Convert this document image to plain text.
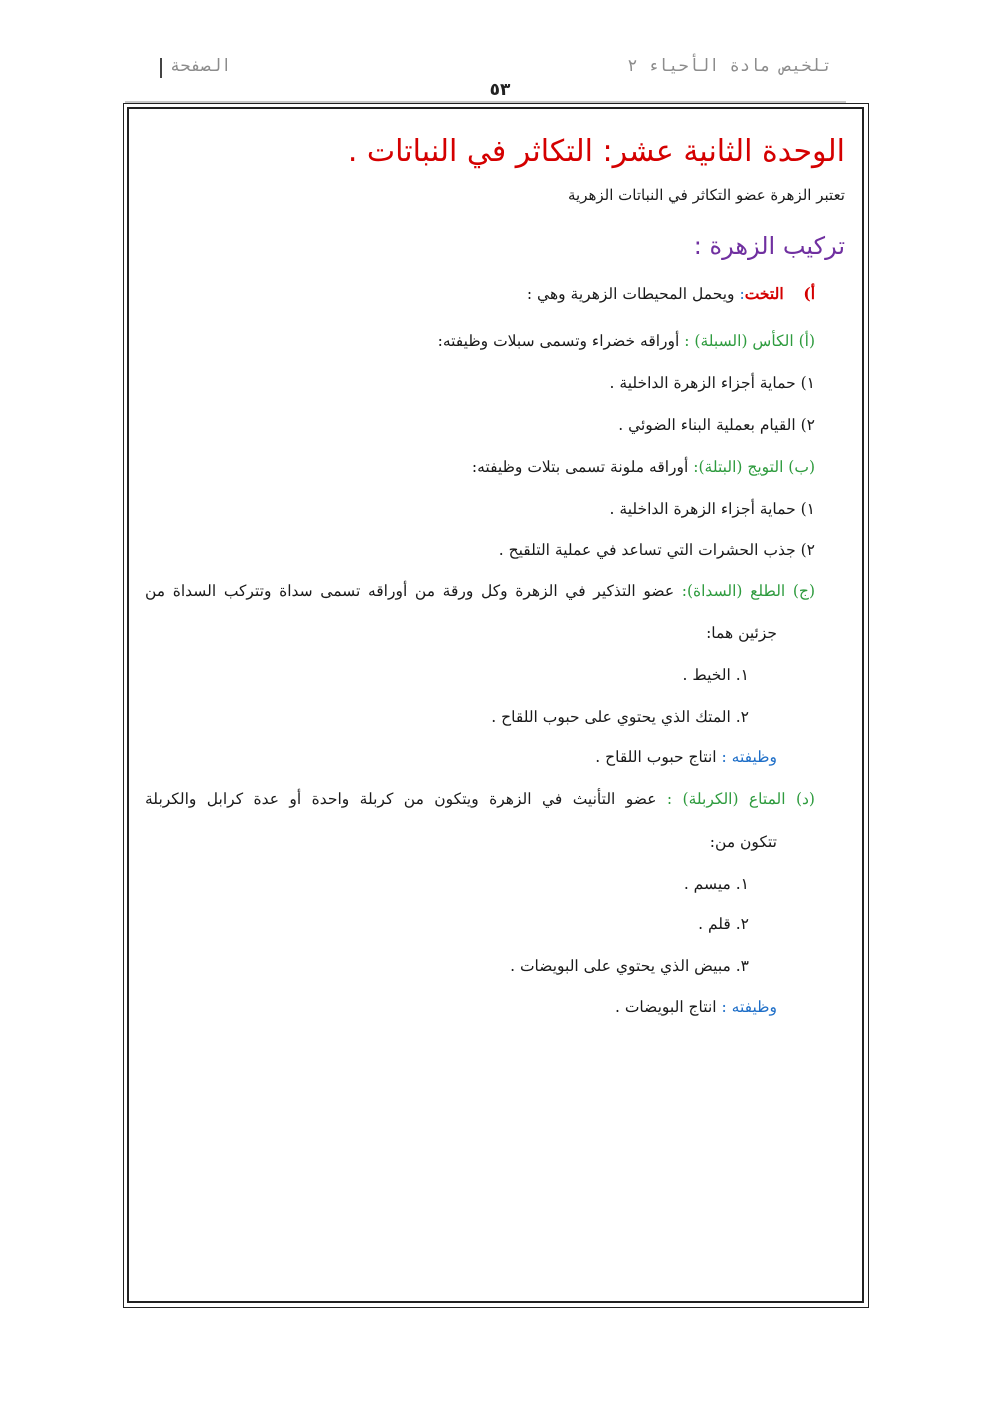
الصفحة	تلخيص مادة الأحياء ٢
٥٣
الوحدة الثانية عشر: التكاثر في النباتات .
تعتبر الزهرة عضو التكاثر في النباتات الزهرية
تركيب الزهرة :
أ)    التخت: ويحمل المحيطات الزهرية وهي :
(أ) الكأس (السبلة) : أوراقه خضراء وتسمى سبلات وظيفته:
١) حماية أجزاء الزهرة الداخلية .
٢) القيام بعملية البناء الضوئي .
(ب) التويج (البتلة): أوراقه ملونة تسمى بتلات وظيفته:
١) حماية أجزاء الزهرة الداخلية .
٢) جذب الحشرات التي تساعد في عملية التلقيح .
(ج) الطلع (السداة): عضو التذكير في الزهرة وكل ورقة من أوراقه تسمى سداة وتتركب السداة من
جزئين هما:
١. الخيط .
٢. المتك الذي يحتوي على حبوب اللقاح .
وظيفته : انتاج حبوب اللقاح .
(د) المتاع (الكربلة) : عضو التأنيث في الزهرة ويتكون من كربلة واحدة أو عدة كرابل والكربلة
تتكون من:
١. ميسم .
٢. قلم .
٣. مبيض الذي يحتوي على البويضات .
وظيفته : انتاج البويضات .
